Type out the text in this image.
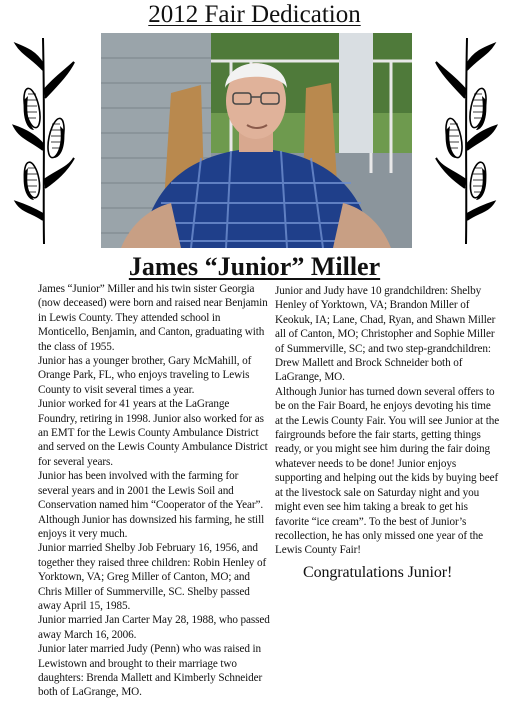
2012 Fair Dedication
James “Junior” Miller

James “Junior” Miller and his twin sister Georgia (now deceased) were born and raised near Benjamin in Lewis County. They attended school in Monticello, Benjamin, and Canton, graduating with the class of 1955.

Junior has a younger brother, Gary McMahill, of Orange Park, FL, who enjoys traveling to Lewis County to visit several times a year.

Junior worked for 41 years at the LaGrange Foundry, retiring in 1998. Junior also worked for as an EMT for the Lewis County Ambulance District and served on the Lewis County Ambulance District for several years.

Junior has been involved with the farming for several years and in 2001 the Lewis Soil and Conservation named him “Cooperator of the Year”. Although Junior has downsized his farming, he still enjoys it very much.

Junior married Shelby Job February 16, 1956, and together they raised three children: Robin Henley of Yorktown, VA; Greg Miller of Canton, MO; and Chris Miller of Summerville, SC. Shelby passed away April 15, 1985.

Junior married Jan Carter May 28, 1988, who passed away March 16, 2006.

Junior later married Judy (Penn) who was raised in Lewistown and brought to their marriage two daughters: Brenda Mallett and Kimberly Schneider both of LaGrange, MO.

Junior and Judy have 10 grandchildren: Shelby Henley of Yorktown, VA; Brandon Miller of Keokuk, IA; Lane, Chad, Ryan, and Shawn Miller all of Canton, MO; Christopher and Sophie Miller of Summerville, SC; and two step-grandchildren: Drew Mallett and Brock Schneider both of LaGrange, MO.

Although Junior has turned down several offers to be on the Fair Board, he enjoys devoting his time at the Lewis County Fair. You will see Junior at the fairgrounds before the fair starts, getting things ready, or you might see him during the fair doing whatever needs to be done! Junior enjoys supporting and helping out the kids by buying beef at the livestock sale on Saturday night and you might even see him taking a break to get his favorite “ice cream”. To the best of Junior’s recollection, he has only missed one year of the Lewis County Fair!

Congratulations Junior!
